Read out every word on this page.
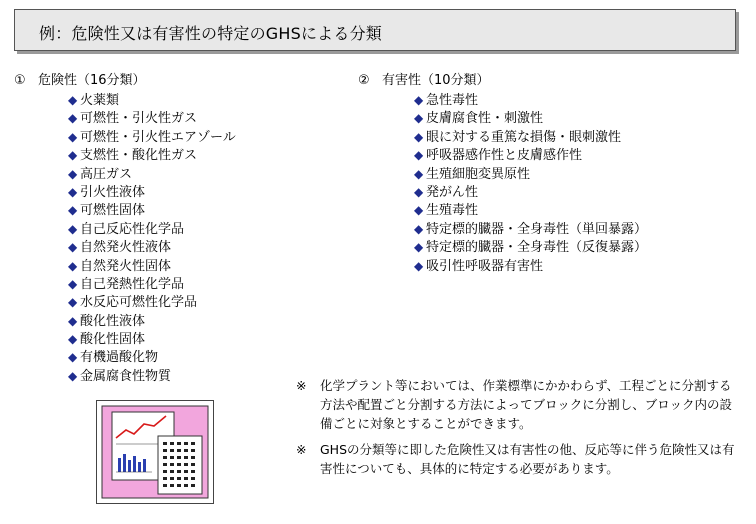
例：危険性又は有害性の特定のGHSによる分類
① 危険性（16分類）
◆ 火薬類
◆ 可燃性・引火性ガス
◆ 可燃性・引火性エアゾール
◆ 支燃性・酸化性ガス
◆ 高圧ガス
◆ 引火性液体
◆ 可燃性固体
◆ 自己反応性化学品
◆ 自然発火性液体
◆ 自然発火性固体
◆ 自己発熱性化学品
◆ 水反応可燃性化学品
◆ 酸化性液体
◆ 酸化性固体
◆ 有機過酸化物
◆ 金属腐食性物質
② 有害性（10分類）
◆ 急性毒性
◆ 皮膚腐食性・刺激性
◆ 眼に対する重篤な損傷・眼刺激性
◆ 呼吸器感作性と皮膚感作性
◆ 生殖細胞変異原性
◆ 発がん性
◆ 生殖毒性
◆ 特定標的臓器・全身毒性（単回暴露）
◆ 特定標的臓器・全身毒性（反復暴露）
◆ 吸引性呼吸器有害性
※ 化学プラント等においては、作業標準にかかわらず、工程ごとに分割する方法や配置ごと分割する方法によってブロックに分割し、ブロック内の設備ごとに対象とすることができます。
※ GHSの分類等に即した危険性又は有害性の他、反応等に伴う危険性又は有害性についても、具体的に特定する必要があります。
